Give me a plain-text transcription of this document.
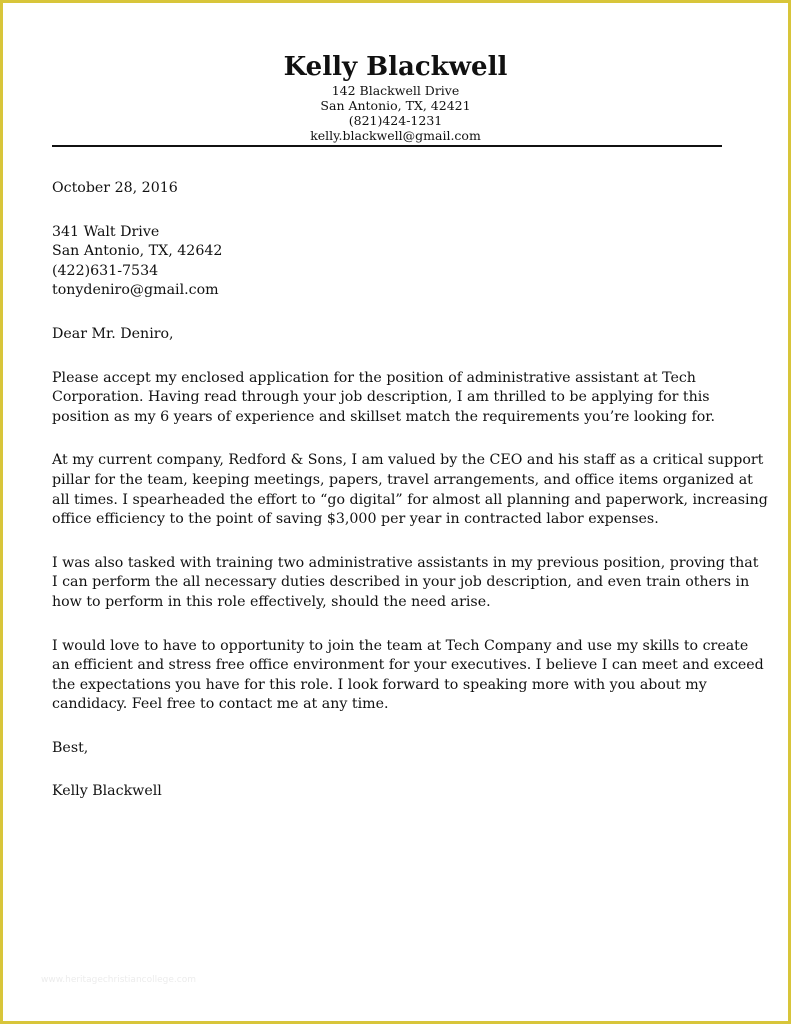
Kelly Blackwell
142 Blackwell Drive
San Antonio, TX, 42421
(821)424-1231
kelly.blackwell@gmail.com
October 28, 2016
341 Walt Drive
San Antonio, TX, 42642
(422)631-7534
tonydeniro@gmail.com
Dear Mr. Deniro,
Please accept my enclosed application for the position of administrative assistant at Tech
Corporation. Having read through your job description, I am thrilled to be applying for this
position as my 6 years of experience and skillset match the requirements you’re looking for.
At my current company, Redford & Sons, I am valued by the CEO and his staff as a critical support
pillar for the team, keeping meetings, papers, travel arrangements, and office items organized at
all times. I spearheaded the effort to “go digital” for almost all planning and paperwork, increasing
office efficiency to the point of saving $3,000 per year in contracted labor expenses.
I was also tasked with training two administrative assistants in my previous position, proving that
I can perform the all necessary duties described in your job description, and even train others in
how to perform in this role effectively, should the need arise.
I would love to have to opportunity to join the team at Tech Company and use my skills to create
an efficient and stress free office environment for your executives. I believe I can meet and exceed
the expectations you have for this role. I look forward to speaking more with you about my
candidacy. Feel free to contact me at any time.
Best,
Kelly Blackwell
www.heritagechristiancollege.com
